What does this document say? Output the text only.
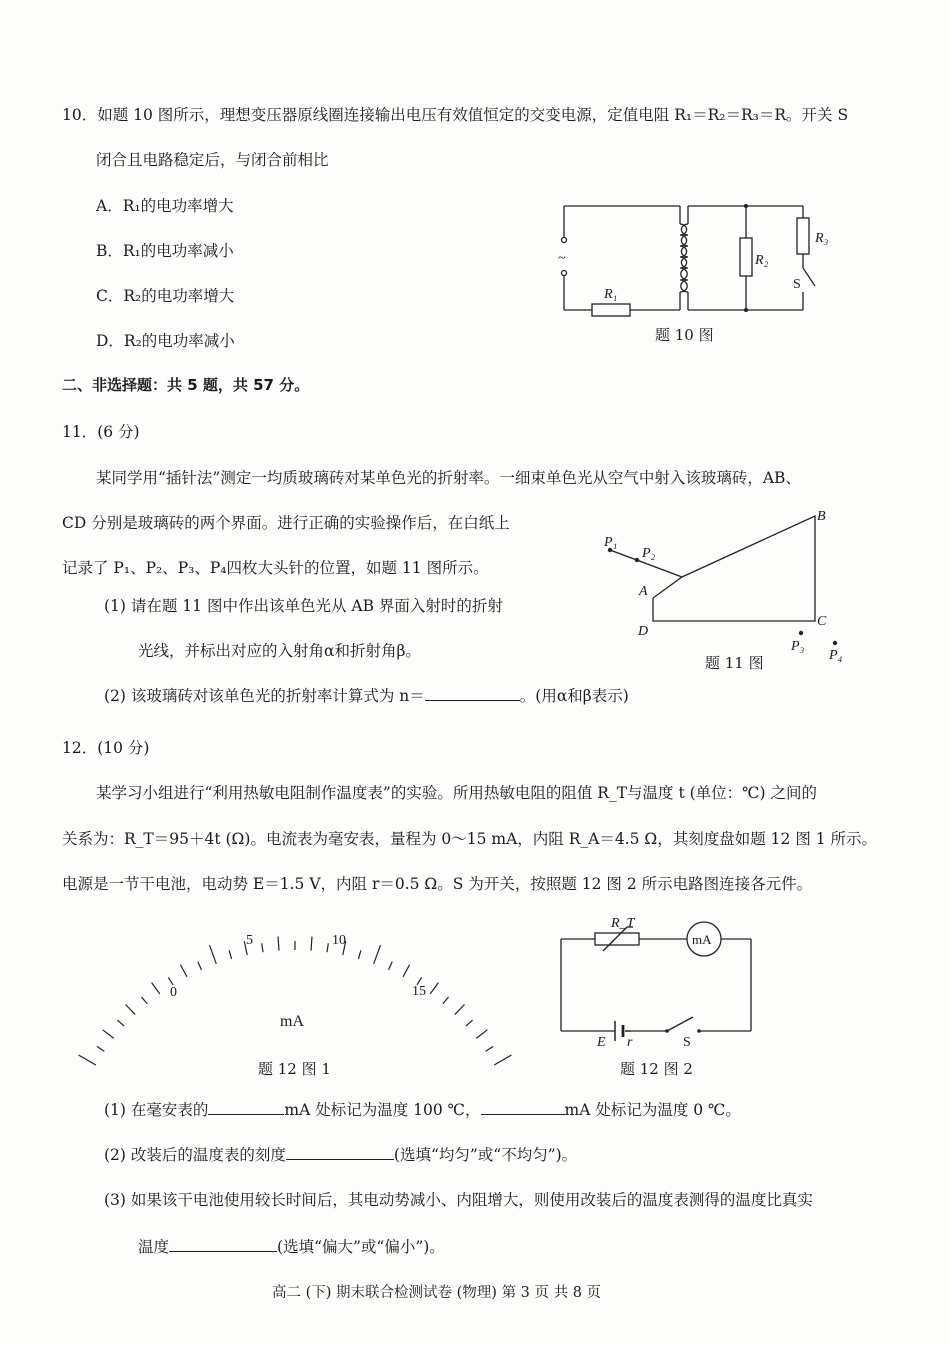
10．如题 10 图所示，理想变压器原线圈连接输出电压有效值恒定的交变电源，定值电阻 R₁＝R₂＝R₃＝R。开关 S
闭合且电路稳定后，与闭合前相比
A．R₁的电功率增大
B．R₁的电功率减小
C．R₂的电功率增大
D．R₂的电功率减小
~
R₁
R₂
R₃
S
题 10 图
二、非选择题：共 5 题，共 57 分。
11．(6 分)
某同学用“插针法”测定一均质玻璃砖对某单色光的折射率。一细束单色光从空气中射入该玻璃砖，AB、
CD 分别是玻璃砖的两个界面。进行正确的实验操作后，在白纸上
记录了 P₁、P₂、P₃、P₄四枚大头针的位置，如题 11 图所示。
(1) 请在题 11 图中作出该单色光从 AB 界面入射时的折射
光线，并标出对应的入射角α和折射角β。
(2) 该玻璃砖对该单色光的折射率计算式为 n＝	。(用α和β表示)
P₁
P₂
A
B
C
D
P₃
P₄
题 11 图
12．(10 分)
某学习小组进行“利用热敏电阻制作温度表”的实验。所用热敏电阻的阻值 R_T与温度 t (单位：℃) 之间的
关系为：R_T＝95＋4t (Ω)。电流表为毫安表，量程为 0～15 mA，内阻 R_A＝4.5 Ω，其刻度盘如题 12 图 1 所示。
电源是一节干电池，电动势 E＝1.5 V，内阻 r＝0.5 Ω。S 为开关，按照题 12 图 2 所示电路图连接各元件。
0
5	10
15
mA
题 12 图 1
R_T
mA
E r	S
题 12 图 2
(1) 在毫安表的	mA 处标记为温度 100 ℃，	mA 处标记为温度 0 ℃。
(2) 改装后的温度表的刻度	(选填“均匀”或“不均匀”)。
(3) 如果该干电池使用较长时间后，其电动势减小、内阻增大，则使用改装后的温度表测得的温度比真实
温度	(选填“偏大”或“偏小”)。
高二 (下) 期末联合检测试卷 (物理) 第 3 页 共 8 页
